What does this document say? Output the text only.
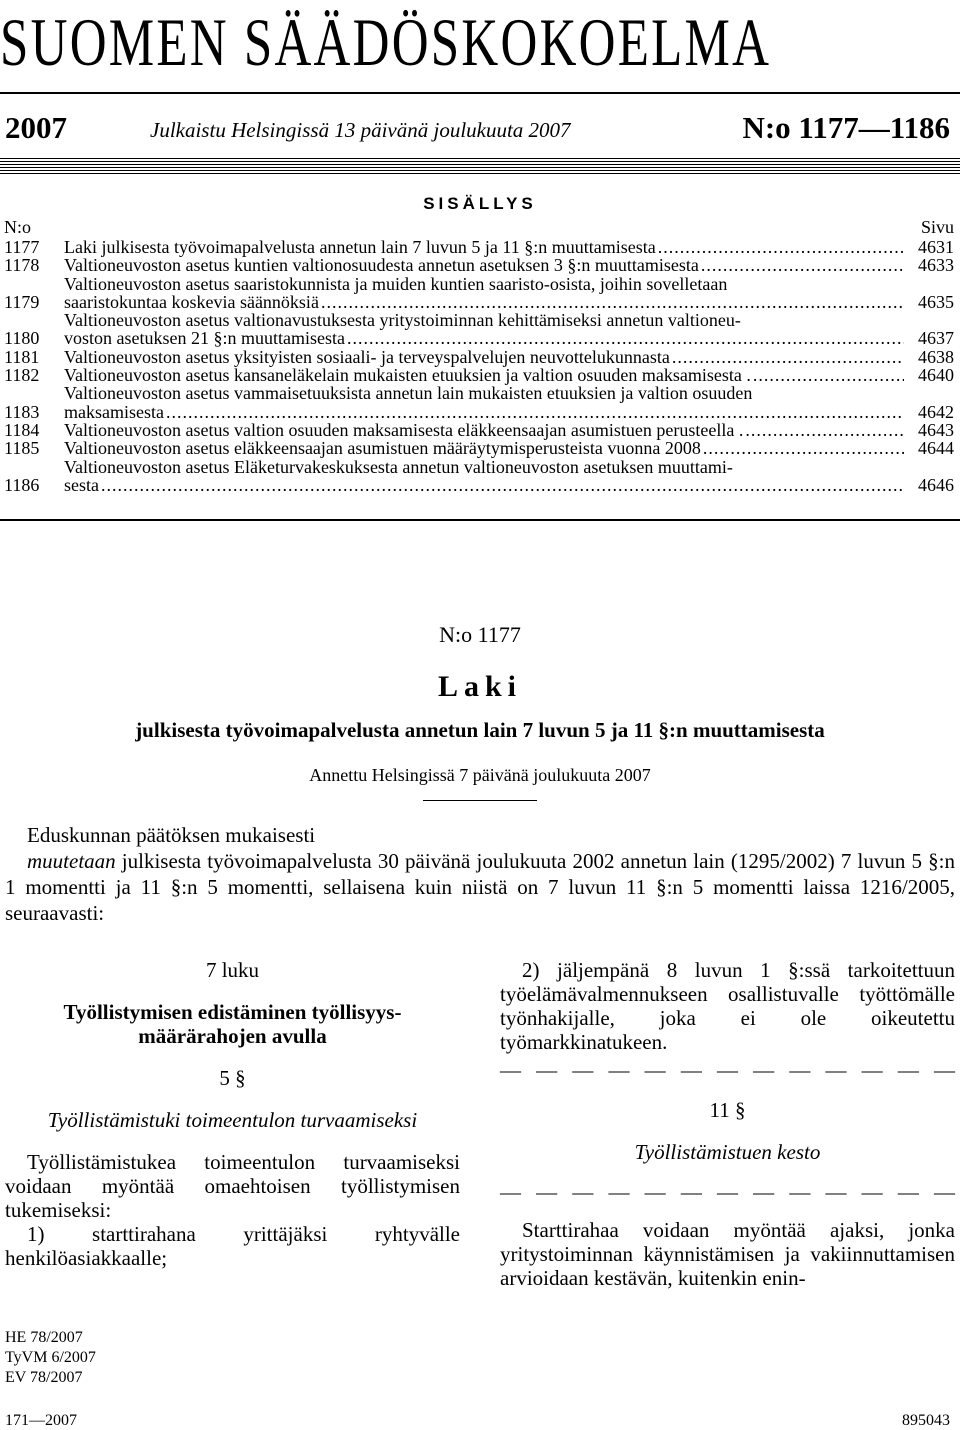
SUOMEN SÄÄDÖSKOKOELMA
2007	Julkaistu Helsingissä 13 päivänä joulukuuta 2007	N:o 1177—1186
SISÄLLYS
N:o	Sivu
1177	Laki julkisesta työvoimapalvelusta annetun lain 7 luvun 5 ja 11 §:n muuttamisesta .....	4631
1178	Valtioneuvoston asetus kuntien valtionosuudesta annetun asetuksen 3 §:n muuttamisesta .....	4633
1179
Valtioneuvoston asetus saaristokunnista ja muiden kuntien saaristo-osista, joihin sovelletaan
saaristokuntaa koskevia säännöksiä .....	4635
1180
Valtioneuvoston asetus valtionavustuksesta yritystoiminnan kehittämiseksi annetun valtioneu-
voston asetuksen 21 §:n muuttamisesta .....	4637
1181	Valtioneuvoston asetus yksityisten sosiaali- ja terveyspalvelujen neuvottelukunnasta .....	4638
1182	Valtioneuvoston asetus kansaneläkelain mukaisten etuuksien ja valtion osuuden maksamisesta . .....	4640
1183
Valtioneuvoston asetus vammaisetuuksista annetun lain mukaisten etuuksien ja valtion osuuden
maksamisesta .....	4642
1184	Valtioneuvoston asetus valtion osuuden maksamisesta eläkkeensaajan asumistuen perusteella . .....	4643
1185	Valtioneuvoston asetus eläkkeensaajan asumistuen määräytymisperusteista vuonna 2008 .....	4644
1186
Valtioneuvoston asetus Eläketurvakeskuksesta annetun valtioneuvoston asetuksen muuttami-
sesta .....	4646
N:o 1177
Laki
julkisesta työvoimapalvelusta annetun lain 7 luvun 5 ja 11 §:n muuttamisesta
Annettu Helsingissä 7 päivänä joulukuuta 2007

Eduskunnan päätöksen mukaisesti

muutetaan julkisesta työvoimapalvelusta 30 päivänä joulukuuta 2002 annetun lain (1295/2002) 7 luvun 5 §:n 1 momentti ja 11 §:n 5 momentti, sellaisena kuin niistä on 7 luvun 11 §:n 5 momentti laissa 1216/2005, seuraavasti:

7 luku
Työllistymisen edistäminen työllisyys-määrärahojen avulla
5 §
Työllistämistuki toimeentulon turvaamiseksi

Työllistämistukea toimeentulon turvaamiseksi voidaan myöntää omaehtoisen työllistymisen tukemiseksi:

1) starttirahana yrittäjäksi ryhtyvälle henkilöasiakkaalle;

2) jäljempänä 8 luvun 1 §:ssä tarkoitettuun työelämävalmennukseen osallistuvalle työttömälle työnhakijalle, joka ei ole oikeutettu työmarkkinatukeen.

— — — — — — — — — — — — —
11 §
Työllistämistuen kesto
— — — — — — — — — — — — —

Starttirahaa voidaan myöntää ajaksi, jonka yritystoiminnan käynnistämisen ja vakiinnuttamisen arvioidaan kestävän, kuitenkin enin-

HE 78/2007
TyVM 6/2007
EV 78/2007
171—2007	895043
